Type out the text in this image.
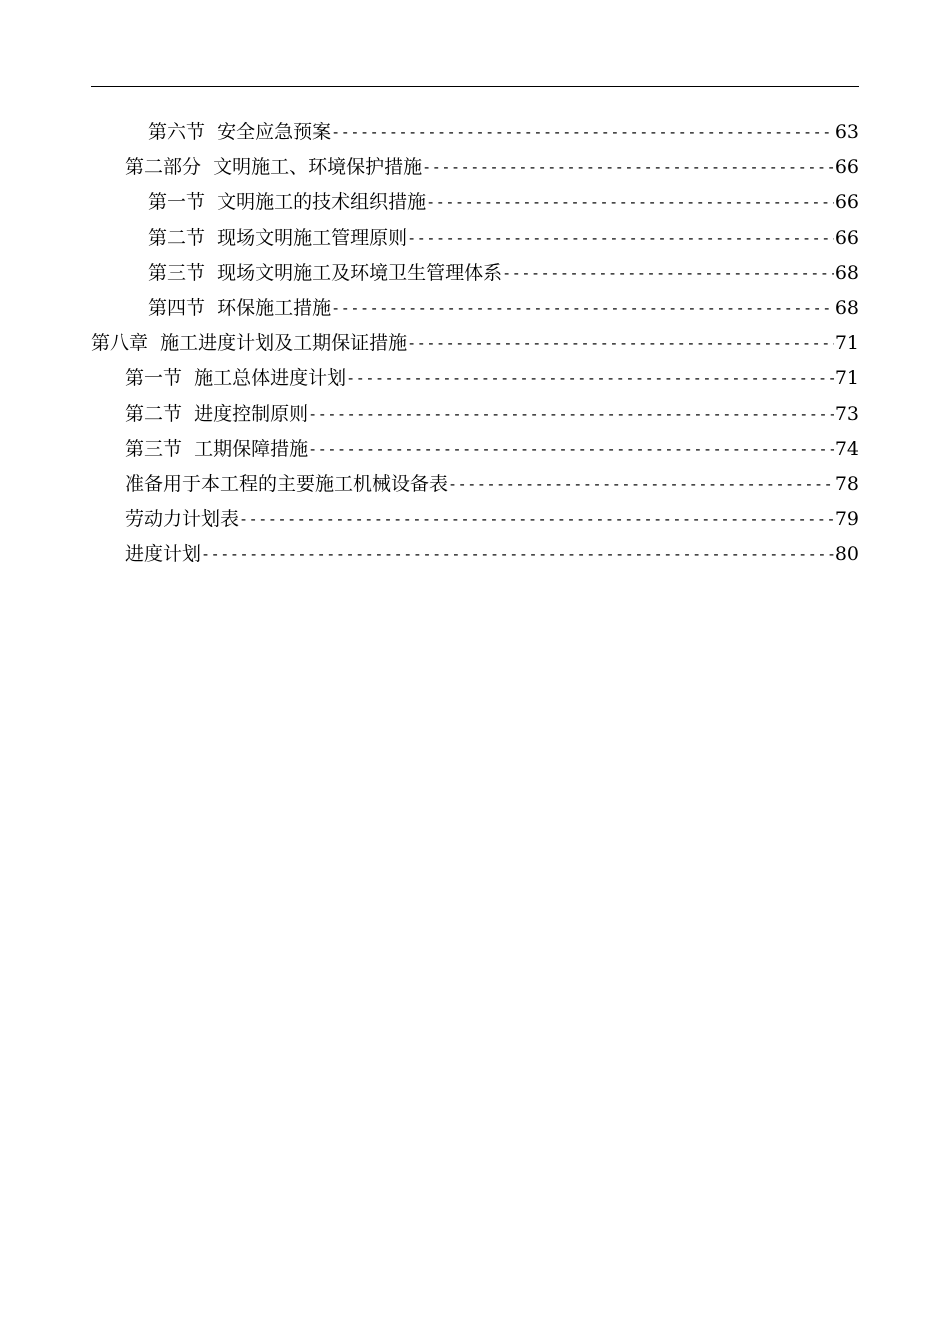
第六节  安全应急预案 -----	63
第二部分  文明施工、环境保护措施 -----	66
第一节  文明施工的技术组织措施 -----	66
第二节  现场文明施工管理原则 -----	66
第三节  现场文明施工及环境卫生管理体系 -----	68
第四节  环保施工措施 -----	68
第八章  施工进度计划及工期保证措施 -----	71
第一节  施工总体进度计划 -----	71
第二节  进度控制原则 -----	73
第三节  工期保障措施 -----	74
准备用于本工程的主要施工机械设备表 -----	78
劳动力计划表 -----	79
进度计划 -----	80
